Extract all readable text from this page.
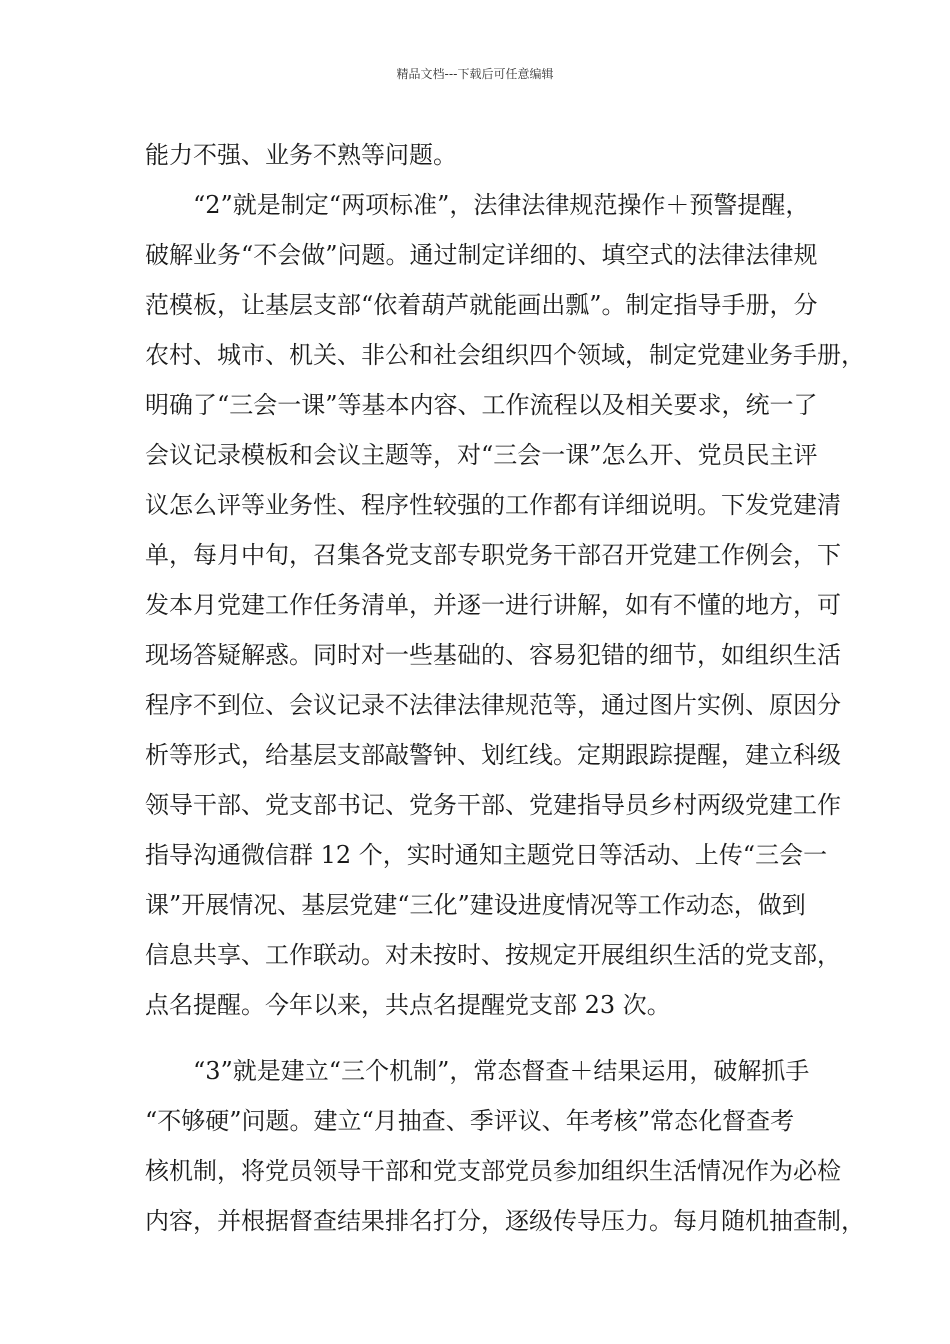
精品文档---下载后可任意编辑
能力不强、业务不熟等问题。
“2”就是制定“两项标准”，法律法律规范操作＋预警提醒，
破解业务“不会做”问题。通过制定详细的、填空式的法律法律规
范模板，让基层支部“依着葫芦就能画出瓢”。制定指导手册，分
农村、城市、机关、非公和社会组织四个领域，制定党建业务手册，
明确了“三会一课”等基本内容、工作流程以及相关要求，统一了
会议记录模板和会议主题等，对“三会一课”怎么开、党员民主评
议怎么评等业务性、程序性较强的工作都有详细说明。下发党建清
单，每月中旬，召集各党支部专职党务干部召开党建工作例会，下
发本月党建工作任务清单，并逐一进行讲解，如有不懂的地方，可
现场答疑解惑。同时对一些基础的、容易犯错的细节，如组织生活
程序不到位、会议记录不法律法律规范等，通过图片实例、原因分
析等形式，给基层支部敲警钟、划红线。定期跟踪提醒，建立科级
领导干部、党支部书记、党务干部、党建指导员乡村两级党建工作
指导沟通微信群 12 个，实时通知主题党日等活动、上传“三会一
课”开展情况、基层党建“三化”建设进度情况等工作动态，做到
信息共享、工作联动。对未按时、按规定开展组织生活的党支部，
点名提醒。今年以来，共点名提醒党支部 23 次。
“3”就是建立“三个机制”，常态督查＋结果运用，破解抓手
“不够硬”问题。建立“月抽查、季评议、年考核”常态化督查考
核机制，将党员领导干部和党支部党员参加组织生活情况作为必检
内容，并根据督查结果排名打分，逐级传导压力。每月随机抽查制，
